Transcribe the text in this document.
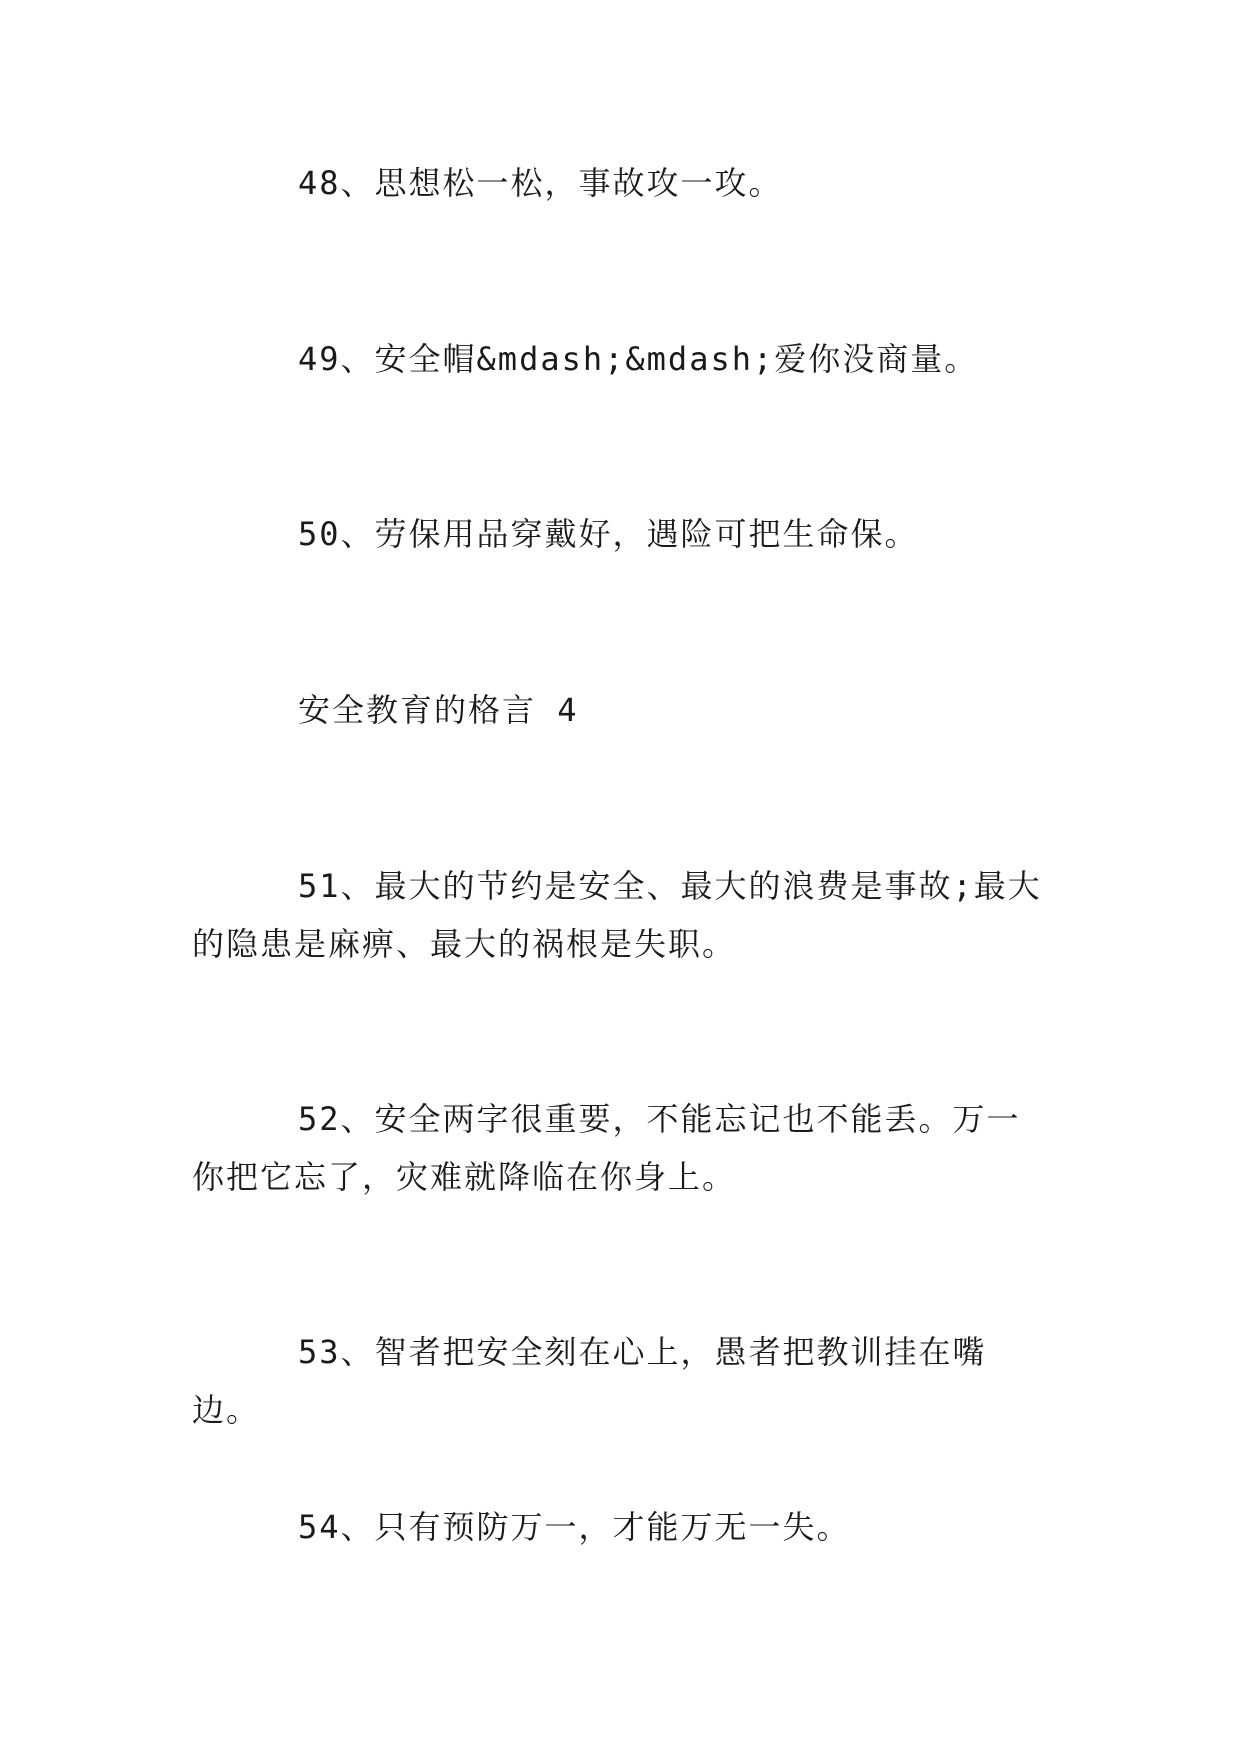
48、思想松一松，事故攻一攻。

49、安全帽&mdash;&mdash;爱你没商量。

50、劳保用品穿戴好，遇险可把生命保。

安全教育的格言 4

51、最大的节约是安全、最大的浪费是事故;最大的隐患是麻痹、最大的祸根是失职。

52、安全两字很重要，不能忘记也不能丢。万一你把它忘了，灾难就降临在你身上。

53、智者把安全刻在心上，愚者把教训挂在嘴边。

54、只有预防万一，才能万无一失。
